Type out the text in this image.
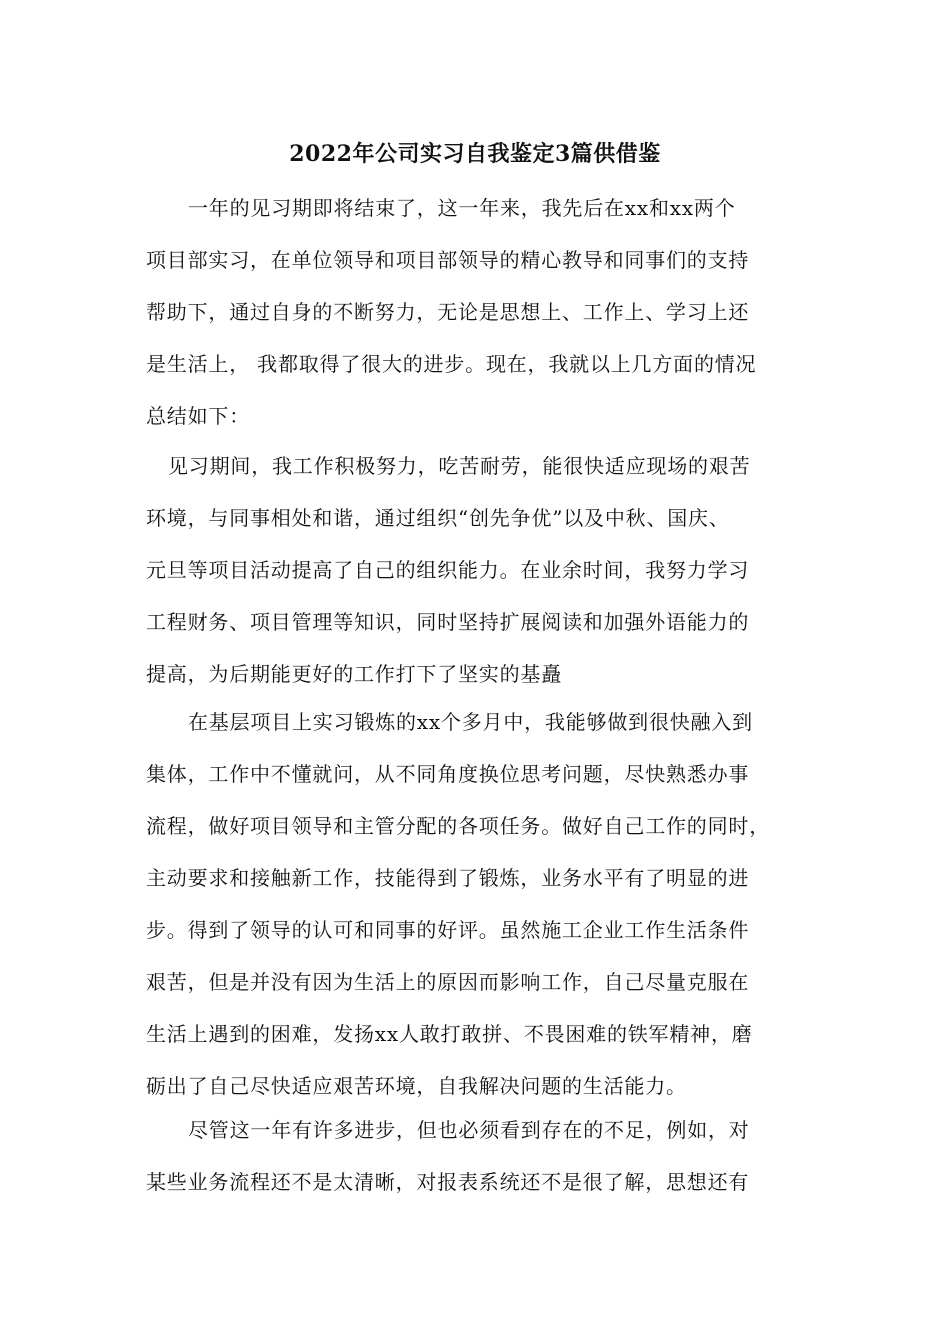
2022年公司实习自我鉴定3篇供借鉴
一年的见习期即将结束了，这一年来，我先后在xx和xx两个
项目部实习，在单位领导和项目部领导的精心教导和同事们的支持
帮助下，通过自身的不断努力，无论是思想上、工作上、学习上还
是生活上， 我都取得了很大的进步。现在，我就以上几方面的情况
总结如下：
见习期间，我工作积极努力，吃苦耐劳，能很快适应现场的艰苦
环境，与同事相处和谐，通过组织“创先争优”以及中秋、国庆、
元旦等项目活动提高了自己的组织能力。在业余时间，我努力学习
工程财务、项目管理等知识，同时坚持扩展阅读和加强外语能力的
提高，为后期能更好的工作打下了坚实的基矗
在基层项目上实习锻炼的xx个多月中，我能够做到很快融入到
集体，工作中不懂就问，从不同角度换位思考问题，尽快熟悉办事
流程，做好项目领导和主管分配的各项任务。做好自己工作的同时，
主动要求和接触新工作，技能得到了锻炼，业务水平有了明显的进
步。得到了领导的认可和同事的好评。虽然施工企业工作生活条件
艰苦，但是并没有因为生活上的原因而影响工作，自己尽量克服在
生活上遇到的困难，发扬xx人敢打敢拼、不畏困难的铁军精神，磨
砺出了自己尽快适应艰苦环境，自我解决问题的生活能力。
尽管这一年有许多进步，但也必须看到存在的不足，例如，对
某些业务流程还不是太清晰，对报表系统还不是很了解，思想还有
